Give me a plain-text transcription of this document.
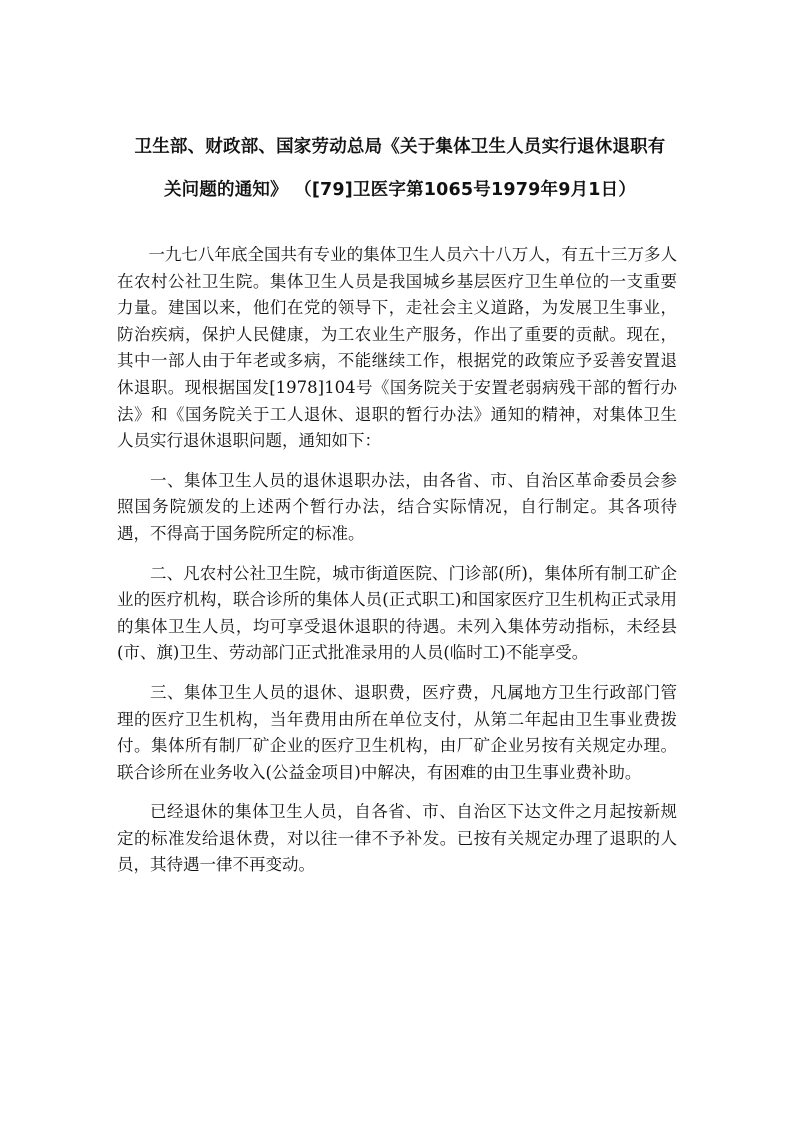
卫生部、财政部、国家劳动总局《关于集体卫生人员实行退休退职有
关问题的通知》 （[79]卫医字第1065号1979年9月1日）

一九七八年底全国共有专业的集体卫生人员六十八万人，有五十三万多人在农村公社卫生院。集体卫生人员是我国城乡基层医疗卫生单位的一支重要力量。建国以来，他们在党的领导下，走社会主义道路，为发展卫生事业，防治疾病，保护人民健康，为工农业生产服务，作出了重要的贡献。现在，其中一部人由于年老或多病，不能继续工作，根据党的政策应予妥善安置退休退职。现根据国发[1978]104号《国务院关于安置老弱病残干部的暂行办法》和《国务院关于工人退休、退职的暂行办法》通知的精神，对集体卫生人员实行退休退职问题，通知如下：

一、集体卫生人员的退休退职办法，由各省、市、自治区革命委员会参照国务院颁发的上述两个暂行办法，结合实际情况，自行制定。其各项待遇，不得高于国务院所定的标准。

二、凡农村公社卫生院，城市街道医院、门诊部(所)，集体所有制工矿企业的医疗机构，联合诊所的集体人员(正式职工)和国家医疗卫生机构正式录用的集体卫生人员，均可享受退休退职的待遇。未列入集体劳动指标，未经县(市、旗)卫生、劳动部门正式批准录用的人员(临时工)不能享受。

三、集体卫生人员的退休、退职费，医疗费，凡属地方卫生行政部门管理的医疗卫生机构，当年费用由所在单位支付，从第二年起由卫生事业费拨付。集体所有制厂矿企业的医疗卫生机构，由厂矿企业另按有关规定办理。联合诊所在业务收入(公益金项目)中解决，有困难的由卫生事业费补助。

已经退休的集体卫生人员，自各省、市、自治区下达文件之月起按新规定的标准发给退休费，对以往一律不予补发。已按有关规定办理了退职的人员，其待遇一律不再变动。
